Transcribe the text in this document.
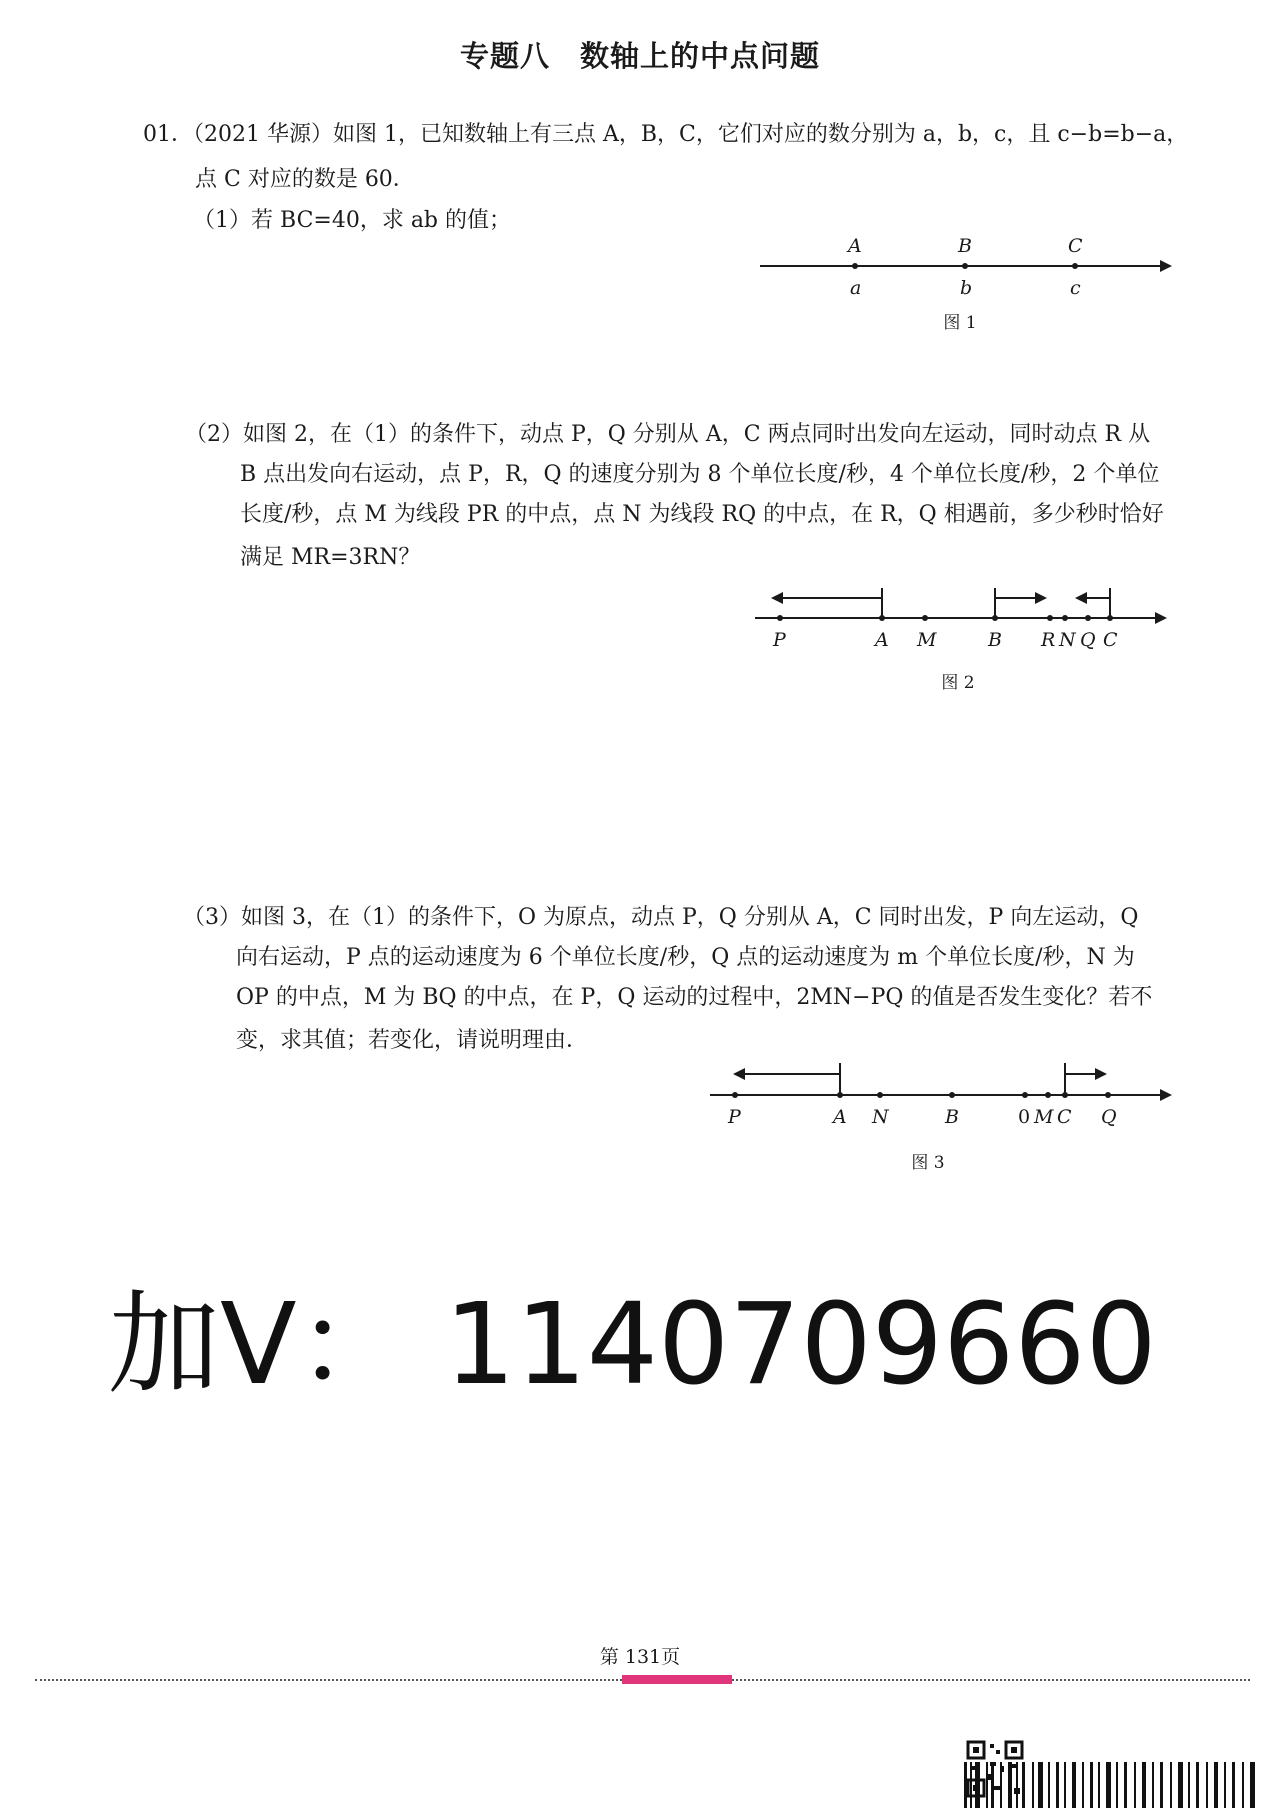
专题八　数轴上的中点问题
01．（2021 华源）如图 1，已知数轴上有三点 A，B，C，它们对应的数分别为 a，b，c，且 c−b=b−a，
点 C 对应的数是 60．
（1）若 BC=40，求 ab 的值；
A	B	C
a	b	c
图 1
（2）如图 2，在（1）的条件下，动点 P，Q 分别从 A，C 两点同时出发向左运动，同时动点 R 从
B 点出发向右运动，点 P，R，Q 的速度分别为 8 个单位长度/秒，4 个单位长度/秒，2 个单位
长度/秒，点 M 为线段 PR 的中点，点 N 为线段 RQ 的中点，在 R，Q 相遇前，多少秒时恰好
满足 MR=3RN？
P	A M	B R N Q C
图 2
（3）如图 3，在（1）的条件下，O 为原点，动点 P，Q 分别从 A，C 同时出发，P 向左运动，Q
向右运动，P 点的运动速度为 6 个单位长度/秒，Q 点的运动速度为 m 个单位长度/秒，N 为
OP 的中点，M 为 BQ 的中点，在 P，Q 运动的过程中，2MN−PQ 的值是否发生变化？若不
变，求其值；若变化，请说明理由．
P	A N	B	0 M C Q
图 3
加V： 1140709660
第 131页
